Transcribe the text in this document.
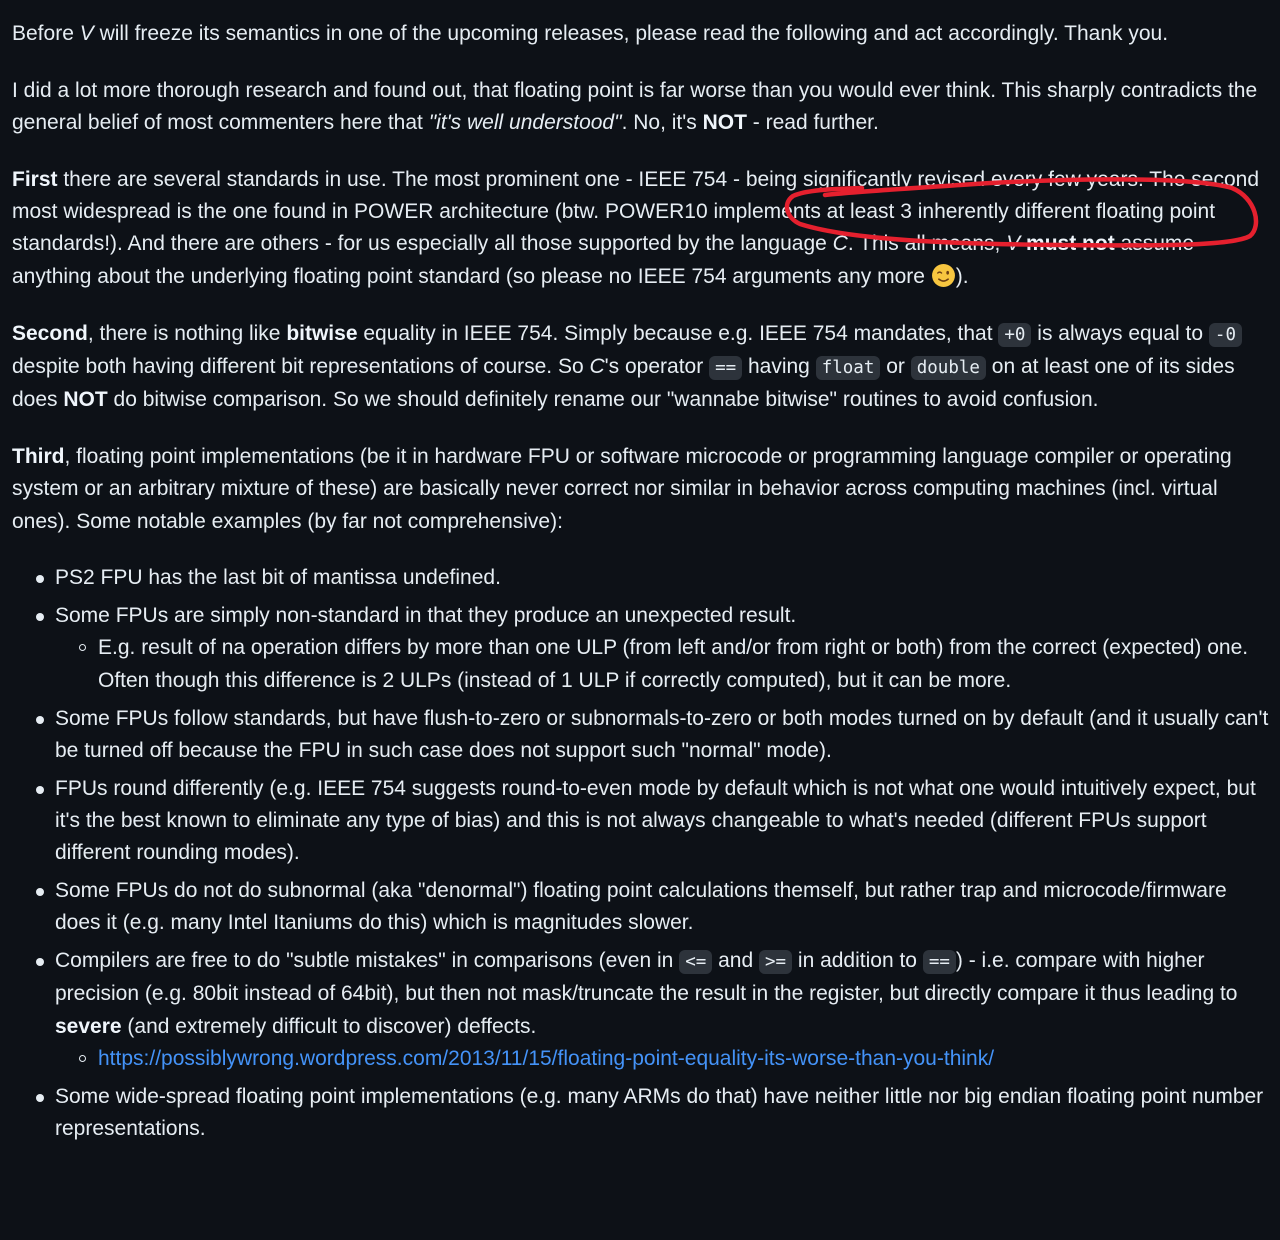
Before V will freeze its semantics in one of the upcoming releases, please read the following and act accordingly. Thank you.

I did a lot more thorough research and found out, that floating point is far worse than you would ever think. This sharply contradicts the general belief of most commenters here that "it's well understood". No, it's NOT - read further.

First there are several standards in use. The most prominent one - IEEE 754 - being significantly revised every few years. The second most widespread is the one found in POWER architecture (btw. POWER10 implements at least 3 inherently different floating point standards!). And there are others - for us especially all those supported by the language C. This all means, V must not assume anything about the underlying floating point standard (so please no IEEE 754 arguments any more ).

Second, there is nothing like bitwise equality in IEEE 754. Simply because e.g. IEEE 754 mandates, that +0 is always equal to -0 despite both having different bit representations of course. So C's operator == having float or double on at least one of its sides does NOT do bitwise comparison. So we should definitely rename our "wannabe bitwise" routines to avoid confusion.

Third, floating point implementations (be it in hardware FPU or software microcode or programming language compiler or operating system or an arbitrary mixture of these) are basically never correct nor similar in behavior across computing machines (incl. virtual ones). Some notable examples (by far not comprehensive):

PS2 FPU has the last bit of mantissa undefined.
Some FPUs are simply non-standard in that they produce an unexpected result.
E.g. result of na operation differs by more than one ULP (from left and/or from right or both) from the correct (expected) one. Often though this difference is 2 ULPs (instead of 1 ULP if correctly computed), but it can be more.
Some FPUs follow standards, but have flush-to-zero or subnormals-to-zero or both modes turned on by default (and it usually can't be turned off because the FPU in such case does not support such "normal" mode).
FPUs round differently (e.g. IEEE 754 suggests round-to-even mode by default which is not what one would intuitively expect, but it's the best known to eliminate any type of bias) and this is not always changeable to what's needed (different FPUs support different rounding modes).
Some FPUs do not do subnormal (aka "denormal") floating point calculations themself, but rather trap and microcode/firmware does it (e.g. many Intel Itaniums do this) which is magnitudes slower.
Compilers are free to do "subtle mistakes" in comparisons (even in <= and >= in addition to == ) - i.e. compare with higher precision (e.g. 80bit instead of 64bit), but then not mask/truncate the result in the register, but directly compare it thus leading to severe (and extremely difficult to discover) deffects.
https://possiblywrong.wordpress.com/2013/11/15/floating-point-equality-its-worse-than-you-think/
Some wide-spread floating point implementations (e.g. many ARMs do that) have neither little nor big endian floating point number representations.
